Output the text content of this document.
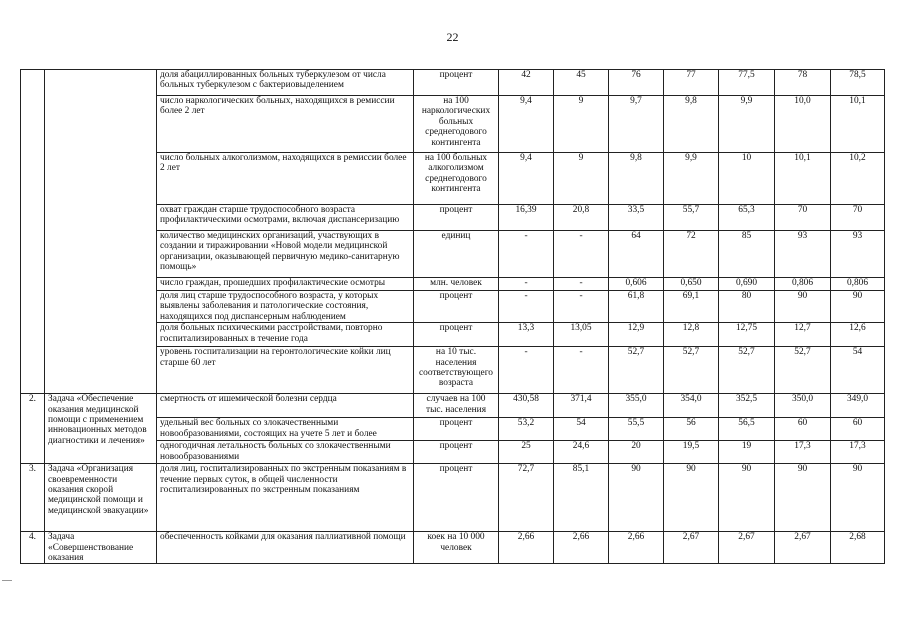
22
		доля абациллированных больных туберкулезом от числа больных туберкулезом с бактериовыделением	процент	42	45	76	77	77,5	78	78,5
		число наркологических больных, находящихся в ремиссии более 2 лет	на 100 наркологических больных среднегодового контингента	9,4	9	9,7	9,8	9,9	10,0	10,1
		число больных алкоголизмом, находящихся в ремиссии более 2 лет	на 100 больных алкоголизмом среднегодового контингента	9,4	9	9,8	9,9	10	10,1	10,2
		охват граждан старше трудоспособного возраста профилактическими осмотрами, включая диспансеризацию	процент	16,39	20,8	33,5	55,7	65,3	70	70
		количество медицинских организаций, участвующих в создании и тиражировании «Новой модели медицинской организации, оказывающей первичную медико-санитарную помощь»	единиц	-	-	64	72	85	93	93
		число граждан, прошедших профилактические осмотры	млн. человек	-	-	0,606	0,650	0,690	0,806	0,806
		доля лиц старше трудоспособного возраста, у которых выявлены заболевания и патологические состояния, находящихся под диспансерным наблюдением	процент	-	-	61,8	69,1	80	90	90
		доля больных психическими расстройствами, повторно госпитализированных в течение года	процент	13,3	13,05	12,9	12,8	12,75	12,7	12,6
		уровень госпитализации на геронтологические койки лиц старше 60 лет	на 10 тыс. населения соответствующего возраста	-	-	52,7	52,7	52,7	52,7	54
2.	Задача «Обеспечение оказания медицинской помощи с применением инновационных методов диагностики и лечения»	смертность от ишемической болезни сердца	случаев на 100 тыс. населения	430,58	371,4	355,0	354,0	352,5	350,0	349,0
		удельный вес больных со злокачественными новообразованиями, состоящих на учете 5 лет и более	процент	53,2	54	55,5	56	56,5	60	60
		одногодичная летальность больных со злокачественными новообразованиями	процент	25	24,6	20	19,5	19	17,3	17,3
3.	Задача «Организация своевременности оказания скорой медицинской помощи и медицинской эвакуации»	доля лиц, госпитализированных по экстренным показаниям в течение первых суток, в общей численности госпитализированных по экстренным показаниям	процент	72,7	85,1	90	90	90	90	90
4.	Задача «Совершенствование оказания	обеспеченность койками для оказания паллиативной помощи	коек на 10 000 человек	2,66	2,66	2,66	2,67	2,67	2,67	2,68
